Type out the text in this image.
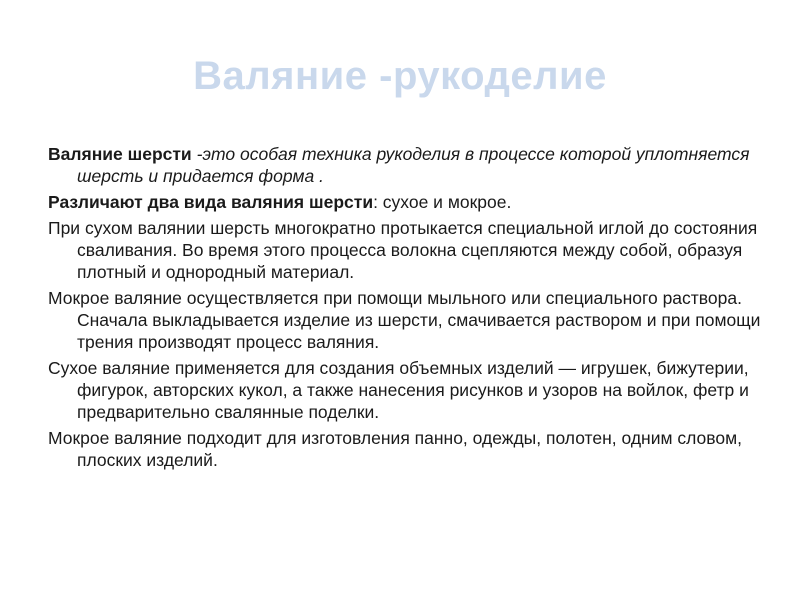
Валяние -рукоделие

Валяние шерсти -это особая техника рукоделия в процессе которой уплотняется шерсть и придается форма .

Различают два вида валяния шерсти: сухое и мокрое.

При сухом валянии шерсть многократно протыкается специальной иглой до состояния сваливания. Во время этого процесса волокна сцепляются между собой, образуя плотный и однородный материал.

Мокрое валяние осуществляется при помощи мыльного или специального раствора. Сначала выкладывается изделие из шерсти, смачивается раствором и при помощи трения производят процесс валяния.

Сухое валяние применяется для создания объемных изделий — игрушек, бижутерии, фигурок, авторских кукол, а также нанесения рисунков и узоров на войлок, фетр и предварительно свалянные поделки.

Мокрое валяние подходит для изготовления панно, одежды, полотен, одним словом, плоских изделий.
